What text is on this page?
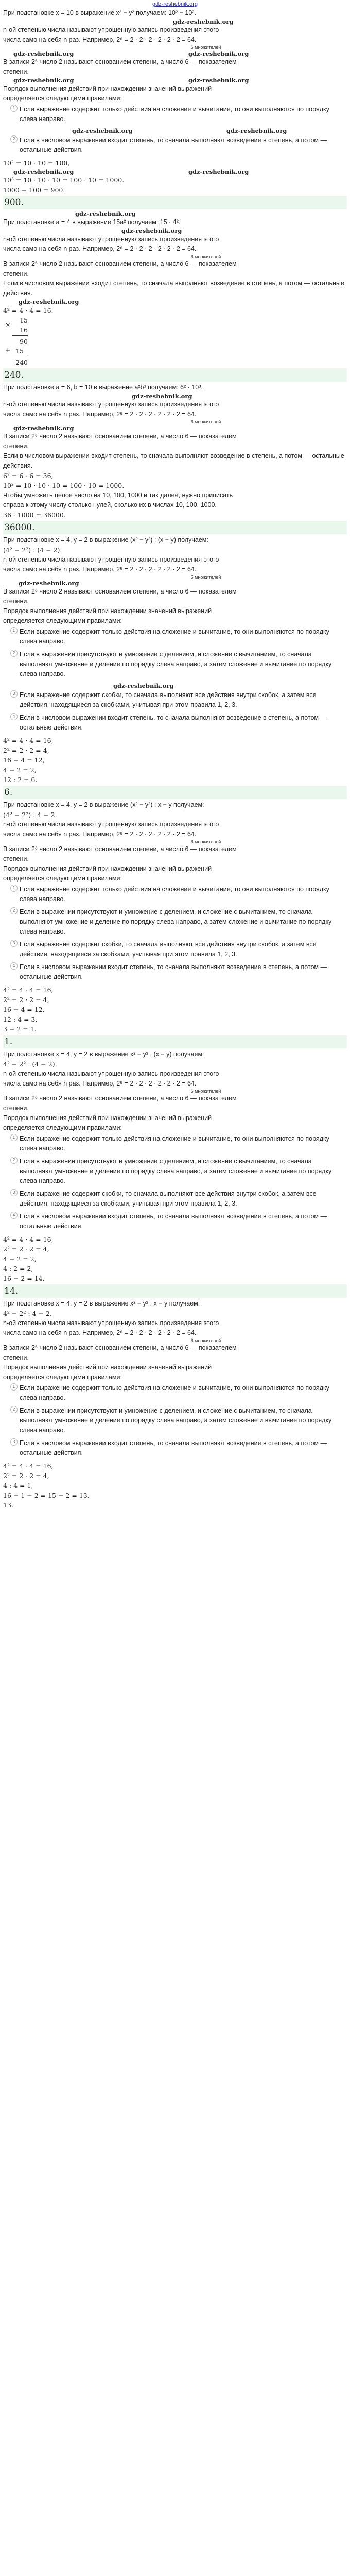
gdz-reshebnik.org
При подстановке x = 10 в выражение x² − y² получаем: 10² − 10².
gdz-reshebnik.org
n-ой степенью числа называют упрощенную запись произведения этого
числа само на себя n раз. Например, 2⁶ = 2 · 2 · 2 · 2 · 2 · 2 = 64.
6 множителей
gdz-reshebnik.org	gdz-reshebnik.org
В записи 2⁶ число 2 называют основанием степени, а число 6 — показателем
степени.
gdz-reshebnik.org	gdz-reshebnik.org
Порядок выполнения действий при нахождении значений выражений
определяется следующими правилами:
1 Если выражение содержит только действия на сложение и вычитание, то они выполняются по порядку слева направо.
gdz-reshebnik.org	gdz-reshebnik.org
2 Если в числовом выражении входит степень, то сначала выполняют возведение в степень, а потом — остальные действия.
10² = 10 · 10 = 100,
gdz-reshebnik.org	gdz-reshebnik.org
10³ = 10 · 10 · 10 = 100 · 10 = 1000.
1000 − 100 = 900.
900.
gdz-reshebnik.org
При подстановке a = 4 в выражение 15a² получаем: 15 · 4².
gdz-reshebnik.org
n-ой степенью числа называют упрощенную запись произведения этого
числа само на себя n раз. Например, 2⁶ = 2 · 2 · 2 · 2 · 2 · 2 = 64.
6 множителей
В записи 2⁶ число 2 называют основанием степени, а число 6 — показателем
степени.
Если в числовом выражении входит степень, то сначала выполняют возведение в степень, а потом — остальные действия.
gdz-reshebnik.org
4² = 4 · 4 = 16.
×
15
16
90
+ 15
240
240.
При подстановке a = 6, b = 10 в выражение a²b³ получаем: 6² · 10³.
gdz-reshebnik.org
n-ой степенью числа называют упрощенную запись произведения этого
числа само на себя n раз. Например, 2⁶ = 2 · 2 · 2 · 2 · 2 · 2 = 64.
6 множителей
gdz-reshebnik.org
В записи 2⁶ число 2 называют основанием степени, а число 6 — показателем
степени.
Если в числовом выражении входит степень, то сначала выполняют возведение в степень, а потом — остальные действия.
6² = 6 · 6 = 36,
10³ = 10 · 10 · 10 = 100 · 10 = 1000.
Чтобы умножить целое число на 10, 100, 1000 и так далее, нужно приписать
справа к этому числу столько нулей, сколько их в числах 10, 100, 1000.
36 · 1000 = 36000.
36000.
При подстановке x = 4, y = 2 в выражение (x² − y²) : (x − y) получаем:
(4² − 2²) : (4 − 2).
n-ой степенью числа называют упрощенную запись произведения этого
числа само на себя n раз. Например, 2⁶ = 2 · 2 · 2 · 2 · 2 · 2 = 64.
6 множителей
gdz-reshebnik.org
В записи 2⁶ число 2 называют основанием степени, а число 6 — показателем
степени.
Порядок выполнения действий при нахождении значений выражений
определяется следующими правилами:
1 Если выражение содержит только действия на сложение и вычитание, то они выполняются по порядку слева направо.
2 Если в выражении присутствуют и умножение с делением, и сложение с вычитанием, то сначала выполняют умножение и деление по порядку слева направо, а затем сложение и вычитание по порядку слева направо.
gdz-reshebnik.org
3 Если выражение содержит скобки, то сначала выполняют все действия внутри скобок, а затем все действия, находящиеся за скобками, учитывая при этом правила 1, 2, 3.
4 Если в числовом выражении входит степень, то сначала выполняют возведение в степень, а потом — остальные действия.
4² = 4 · 4 = 16,
2² = 2 · 2 = 4,
16 − 4 = 12,
4 − 2 = 2,
12 : 2 = 6.
6.
При подстановке x = 4, y = 2 в выражение (x² − y²) : x − y получаем:
(4² − 2²) : 4 − 2.
n-ой степенью числа называют упрощенную запись произведения этого
числа само на себя n раз. Например, 2⁶ = 2 · 2 · 2 · 2 · 2 · 2 = 64.
6 множителей
В записи 2⁶ число 2 называют основанием степени, а число 6 — показателем
степени.
Порядок выполнения действий при нахождении значений выражений
определяется следующими правилами:
1 Если выражение содержит только действия на сложение и вычитание, то они выполняются по порядку слева направо.
2 Если в выражении присутствуют и умножение с делением, и сложение с вычитанием, то сначала выполняют умножение и деление по порядку слева направо, а затем сложение и вычитание по порядку слева направо.
3 Если выражение содержит скобки, то сначала выполняют все действия внутри скобок, а затем все действия, находящиеся за скобками, учитывая при этом правила 1, 2, 3.
4 Если в числовом выражении входит степень, то сначала выполняют возведение в степень, а потом — остальные действия.
4² = 4 · 4 = 16,
2² = 2 · 2 = 4,
16 − 4 = 12,
12 : 4 = 3,
3 − 2 = 1.
1.
При подстановке x = 4, y = 2 в выражение x² − y² : (x − y) получаем:
4² − 2² : (4 − 2).
n-ой степенью числа называют упрощенную запись произведения этого
числа само на себя n раз. Например, 2⁶ = 2 · 2 · 2 · 2 · 2 · 2 = 64.
6 множителей
В записи 2⁶ число 2 называют основанием степени, а число 6 — показателем
степени.
Порядок выполнения действий при нахождении значений выражений
определяется следующими правилами:
1 Если выражение содержит только действия на сложение и вычитание, то они выполняются по порядку слева направо.
2 Если в выражении присутствуют и умножение с делением, и сложение с вычитанием, то сначала выполняют умножение и деление по порядку слева направо, а затем сложение и вычитание по порядку слева направо.
3 Если выражение содержит скобки, то сначала выполняют все действия внутри скобок, а затем все действия, находящиеся за скобками, учитывая при этом правила 1, 2, 3.
4 Если в числовом выражении входит степень, то сначала выполняют возведение в степень, а потом — остальные действия.
4² = 4 · 4 = 16,
2² = 2 · 2 = 4,
4 − 2 = 2,
4 : 2 = 2,
16 − 2 = 14.
14.
При подстановке x = 4, y = 2 в выражение x² − y² : x − y получаем:
4² − 2² : 4 − 2.
n-ой степенью числа называют упрощенную запись произведения этого
числа само на себя n раз. Например, 2⁶ = 2 · 2 · 2 · 2 · 2 · 2 = 64.
6 множителей
В записи 2⁶ число 2 называют основанием степени, а число 6 — показателем
степени.
Порядок выполнения действий при нахождении значений выражений
определяется следующими правилами:
1 Если выражение содержит только действия на сложение и вычитание, то они выполняются по порядку слева направо.
2 Если в выражении присутствуют и умножение с делением, и сложение с вычитанием, то сначала выполняют умножение и деление по порядку слева направо, а затем сложение и вычитание по порядку слева направо.
3 Если в числовом выражении входит степень, то сначала выполняют возведение в степень, а потом — остальные действия.
4² = 4 · 4 = 16,
2² = 2 · 2 = 4,
4 : 4 = 1,
16 − 1 − 2 = 15 − 2 = 13.
13.
